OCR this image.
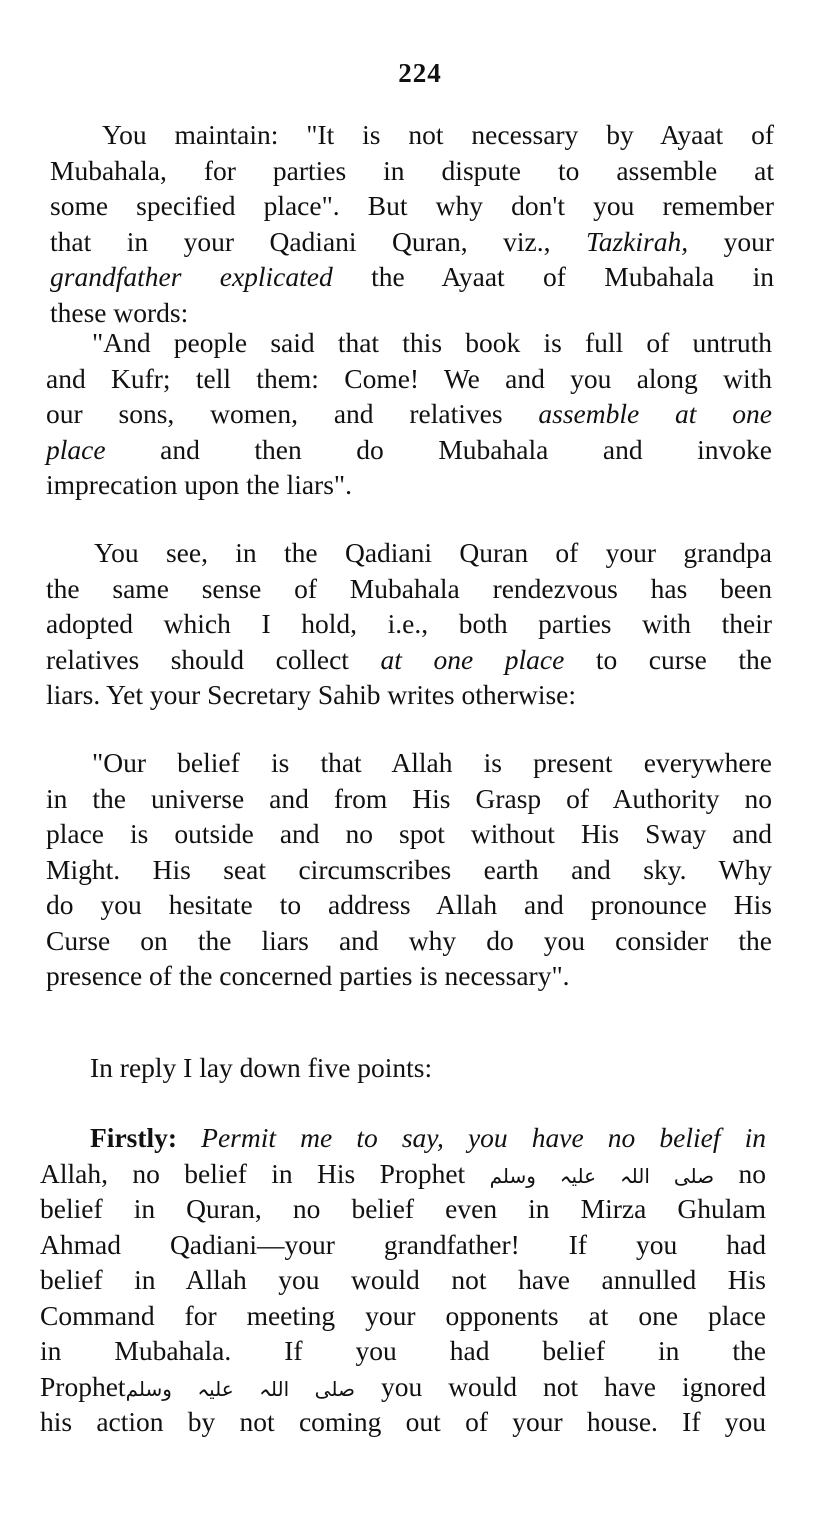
224
You maintain: "It is not necessary by Ayaat of
Mubahala, for parties in dispute to assemble at
some specified place". But why don't you remember
that in your Qadiani Quran, viz., Tazkirah, your
grandfather explicated the Ayaat of Mubahala in
these words:
"And people said that this book is full of untruth
and Kufr; tell them: Come! We and you along with
our sons, women, and relatives assemble at one
place and then do Mubahala and invoke
imprecation upon the liars".
You see, in the Qadiani Quran of your grandpa
the same sense of Mubahala rendezvous has been
adopted which I hold, i.e., both parties with their
relatives should collect at one place to curse the
liars. Yet your Secretary Sahib writes otherwise:
"Our belief is that Allah is present everywhere
in the universe and from His Grasp of Authority no
place is outside and no spot without His Sway and
Might. His seat circumscribes earth and sky. Why
do you hesitate to address Allah and pronounce His
Curse on the liars and why do you consider the
presence of the concerned parties is necessary".
In reply I lay down five points:
Firstly: Permit me to say, you have no belief in
Allah, no belief in His Prophet صلی اللہ علیہ وسلم no
belief in Quran, no belief even in Mirza Ghulam
Ahmad Qadiani—your grandfather! If you had
belief in Allah you would not have annulled His
Command for meeting your opponents at one place
in Mubahala. If you had belief in the
Prophetصلی اللہ علیہ وسلم you would not have ignored
his action by not coming out of your house. If you
